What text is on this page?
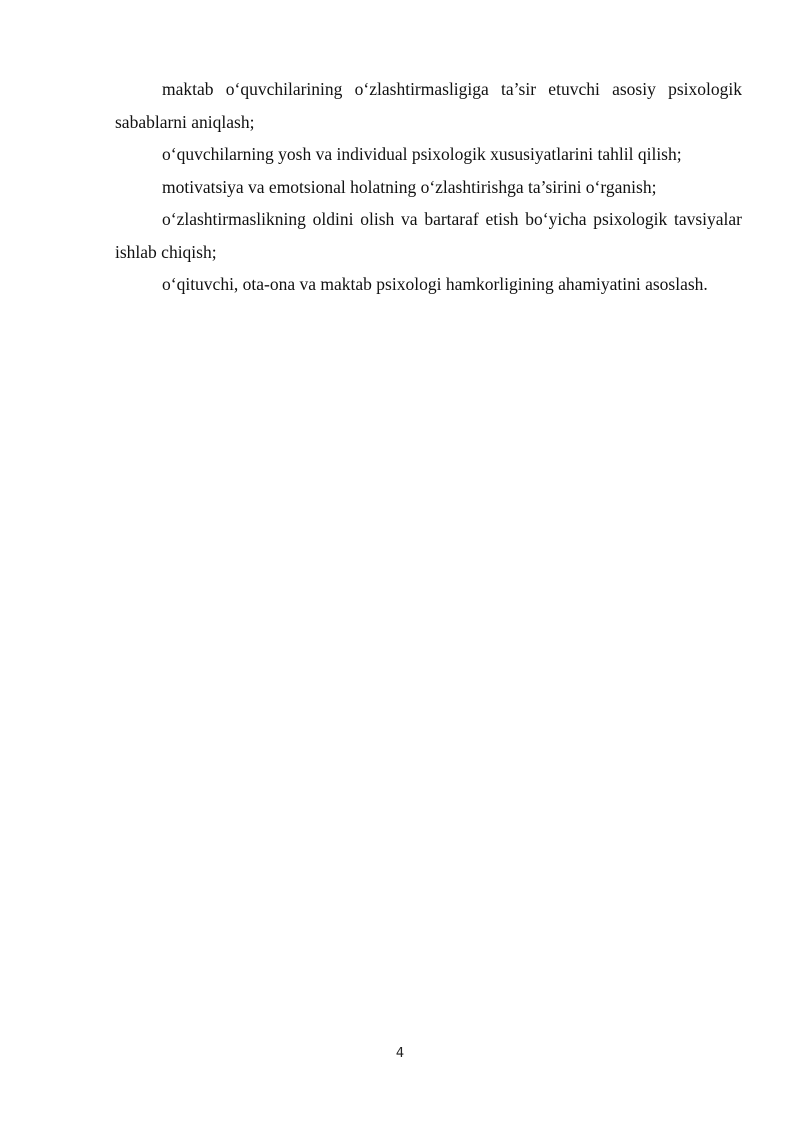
maktab o‘quvchilarining o‘zlashtirmasligiga ta’sir etuvchi asosiy psixologik sabablarni aniqlash;

o‘quvchilarning yosh va individual psixologik xususiyatlarini tahlil qilish;

motivatsiya va emotsional holatning o‘zlashtirishga ta’sirini o‘rganish;

o‘zlashtirmaslikning oldini olish va bartaraf etish bo‘yicha psixologik tavsiyalar ishlab chiqish;

o‘qituvchi, ota-ona va maktab psixologi hamkorligining ahamiyatini asoslash.

4
